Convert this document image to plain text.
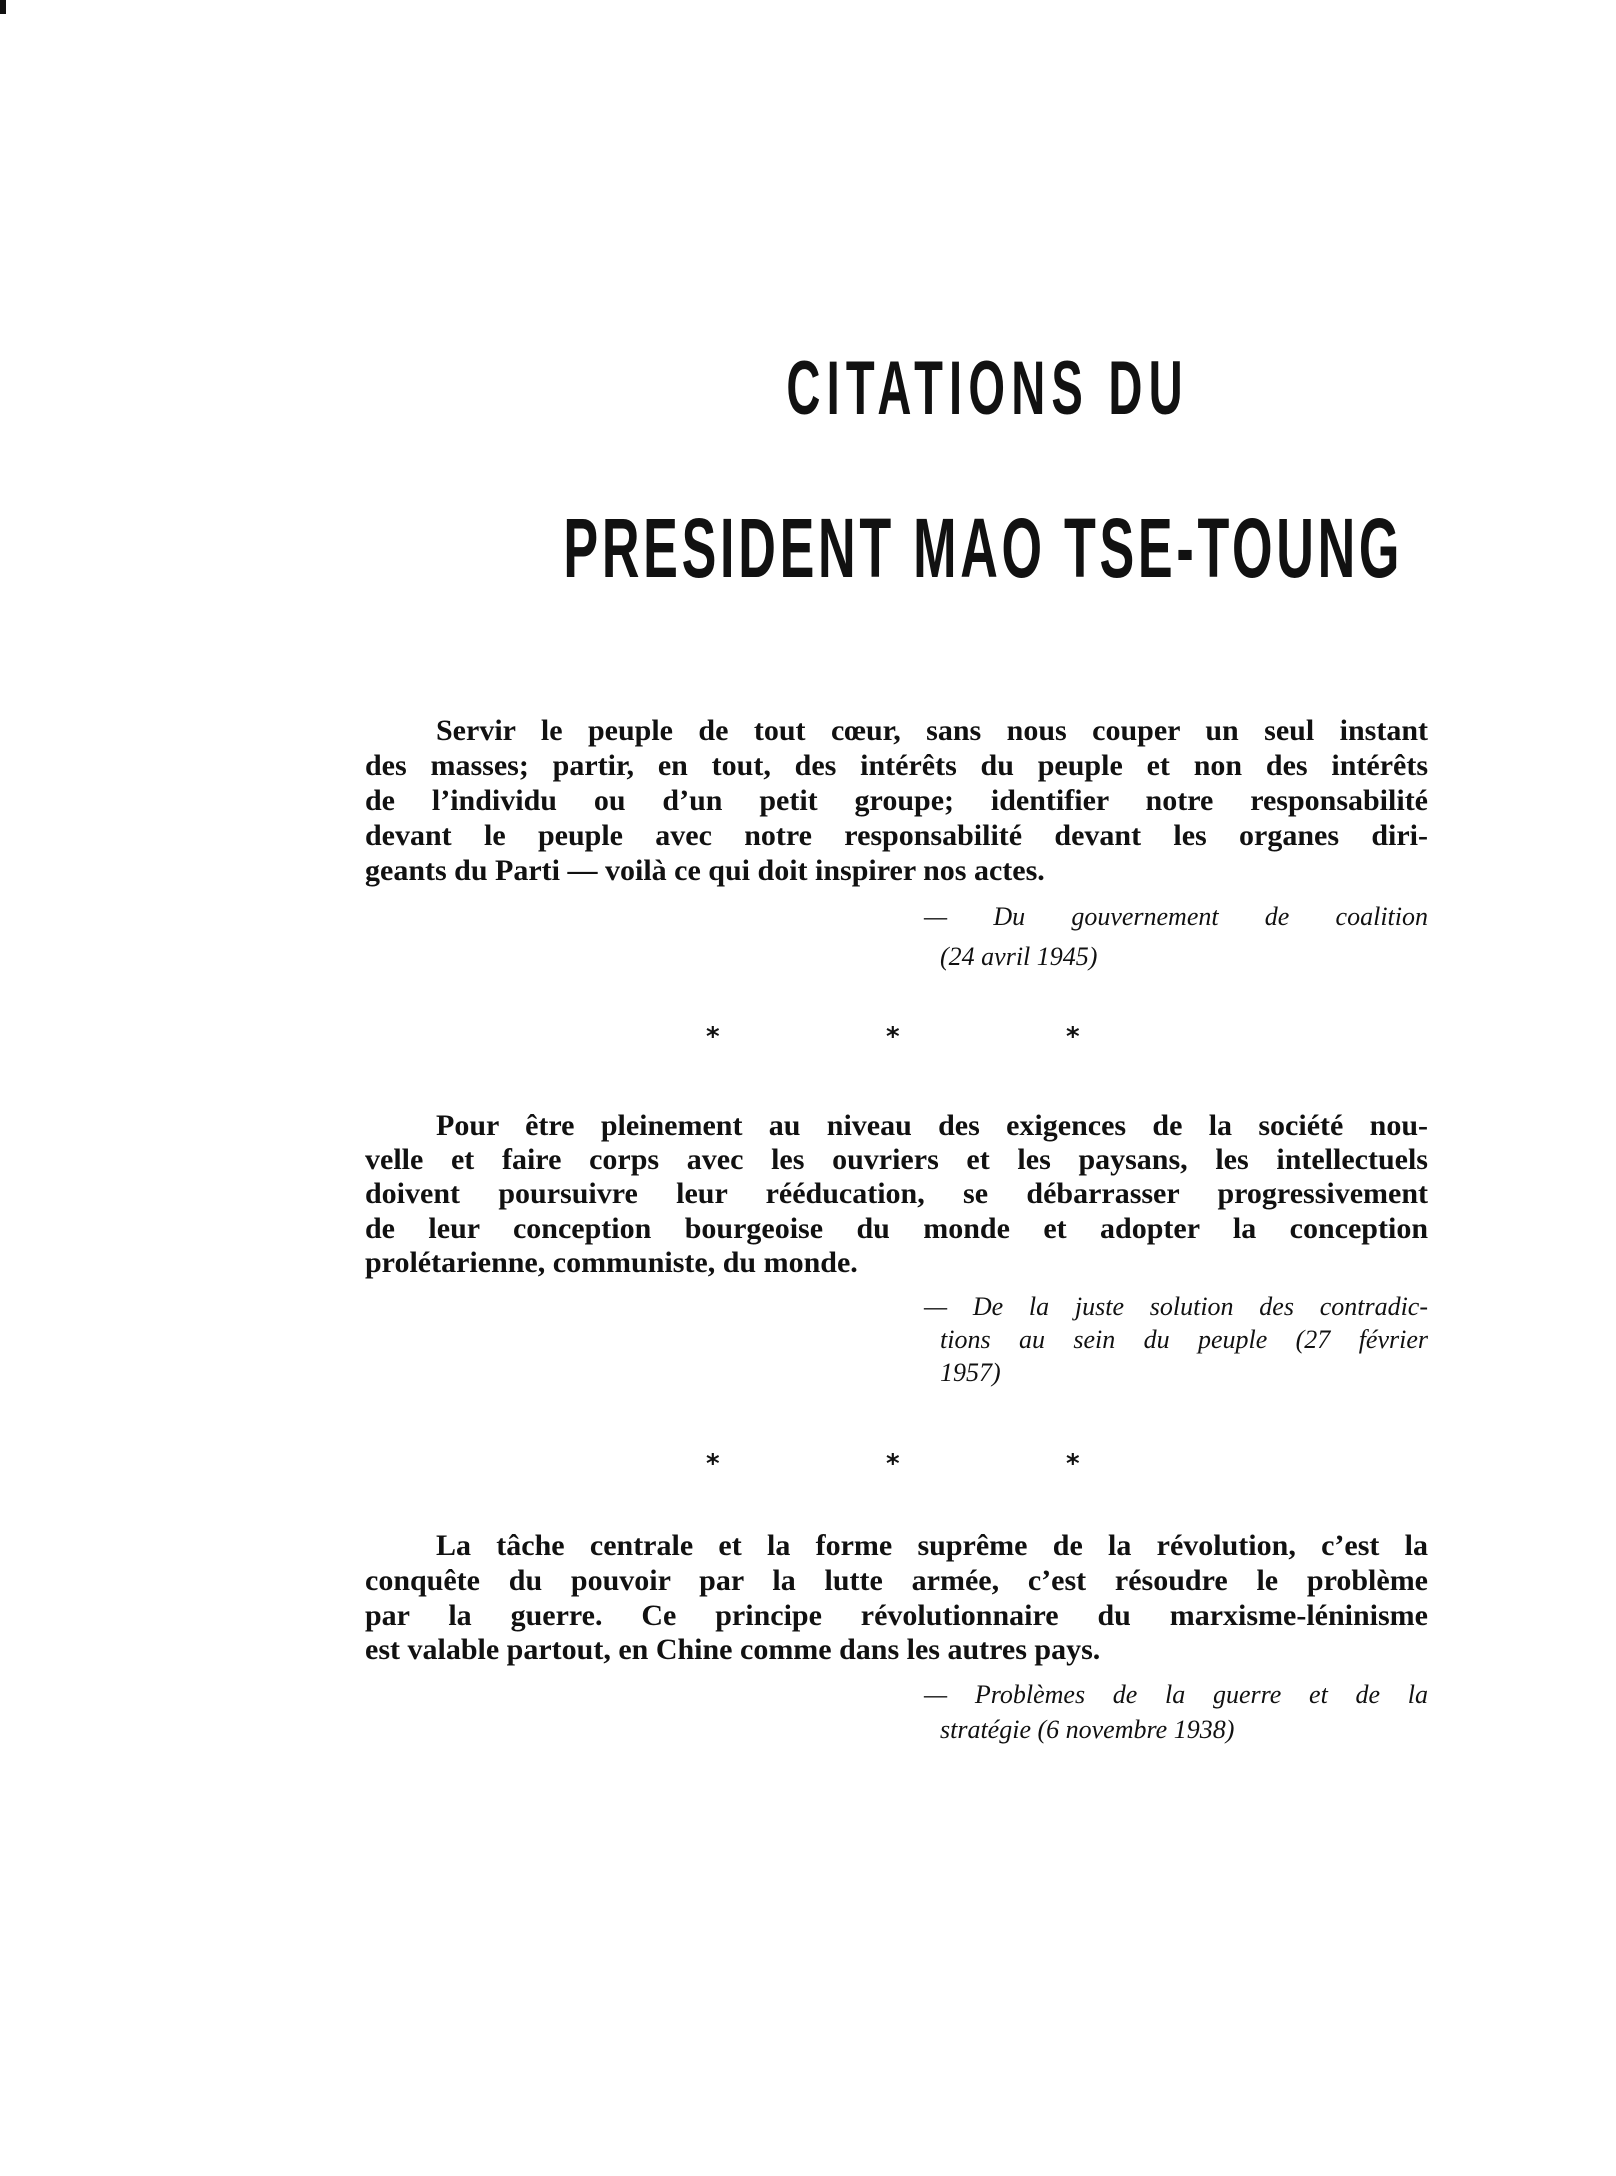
CITATIONS DU
PRESIDENT MAO TSE-TOUNG
Servir le peuple de tout cœur, sans nous couper un seul instant
des masses; partir, en tout, des intérêts du peuple et non des intérêts
de l’individu ou d’un petit groupe; identifier notre responsabilité
devant le peuple avec notre responsabilité devant les organes diri-
geants du Parti — voilà ce qui doit inspirer nos actes.
— Du gouvernement de coalition
(24 avril 1945)
*	*	*
Pour être pleinement au niveau des exigences de la société nou-
velle et faire corps avec les ouvriers et les paysans, les intellectuels
doivent poursuivre leur rééducation, se débarrasser progressivement
de leur conception bourgeoise du monde et adopter la conception
prolétarienne, communiste, du monde.
— De la juste solution des contradic-
tions au sein du peuple (27 février
1957)
*	*	*
La tâche centrale et la forme suprême de la révolution, c’est la
conquête du pouvoir par la lutte armée, c’est résoudre le problème
par la guerre. Ce principe révolutionnaire du marxisme-léninisme
est valable partout, en Chine comme dans les autres pays.
— Problèmes de la guerre et de la
stratégie (6 novembre 1938)
